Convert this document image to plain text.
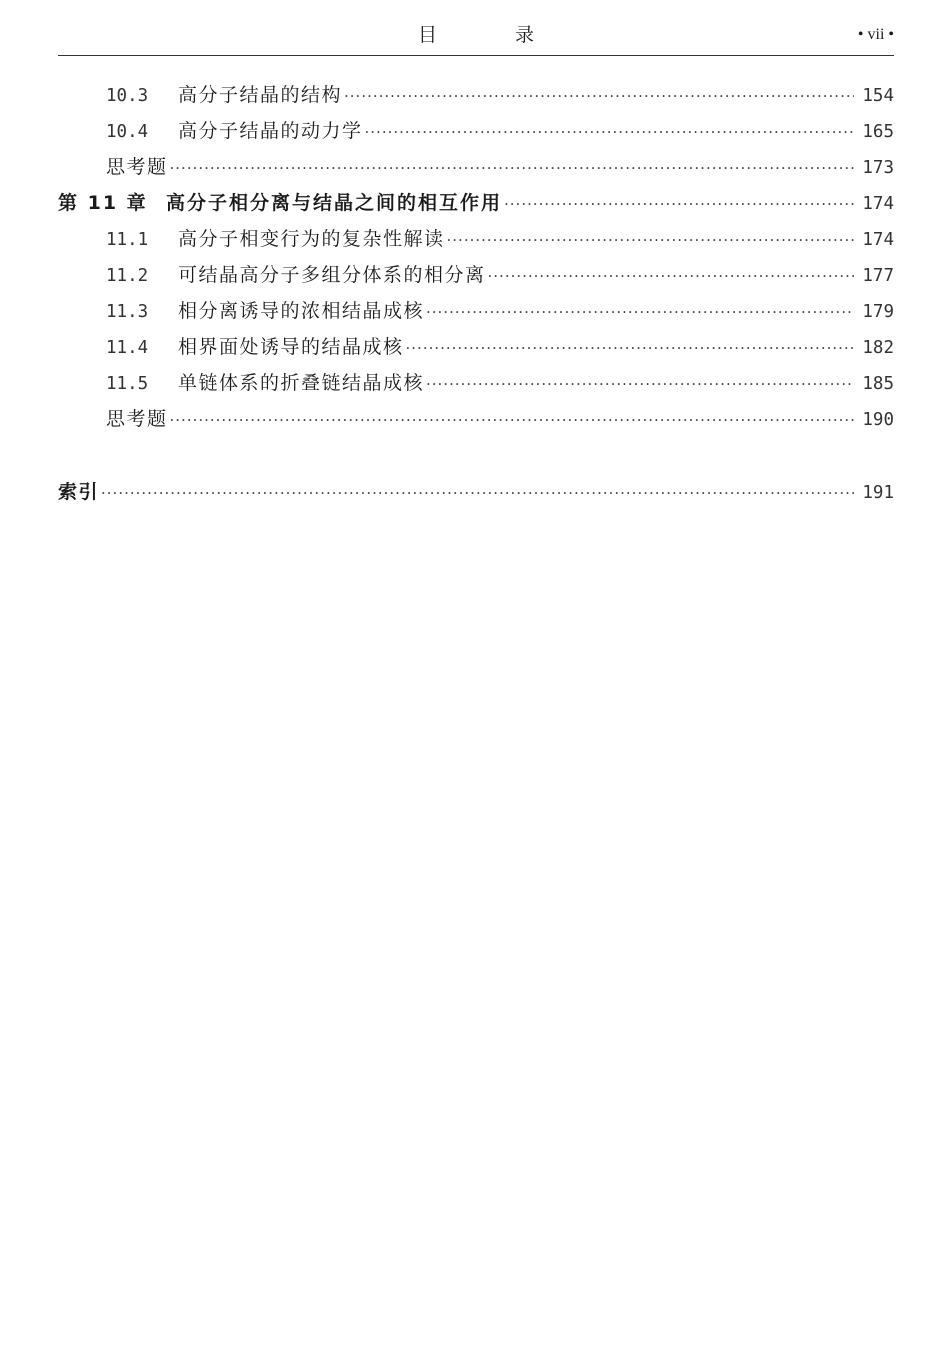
目 录	• vii •
10.3	高分子结晶的结构 ·····	154
10.4	高分子结晶的动力学 ·····	165
思考题 ·····	173
第 11 章 高分子相分离与结晶之间的相互作用 ·····	174
11.1	高分子相变行为的复杂性解读 ·····	174
11.2	可结晶高分子多组分体系的相分离 ·····	177
11.3	相分离诱导的浓相结晶成核 ·····	179
11.4	相界面处诱导的结晶成核 ·····	182
11.5	单链体系的折叠链结晶成核 ·····	185
思考题 ·····	190
索引 ·····	191
